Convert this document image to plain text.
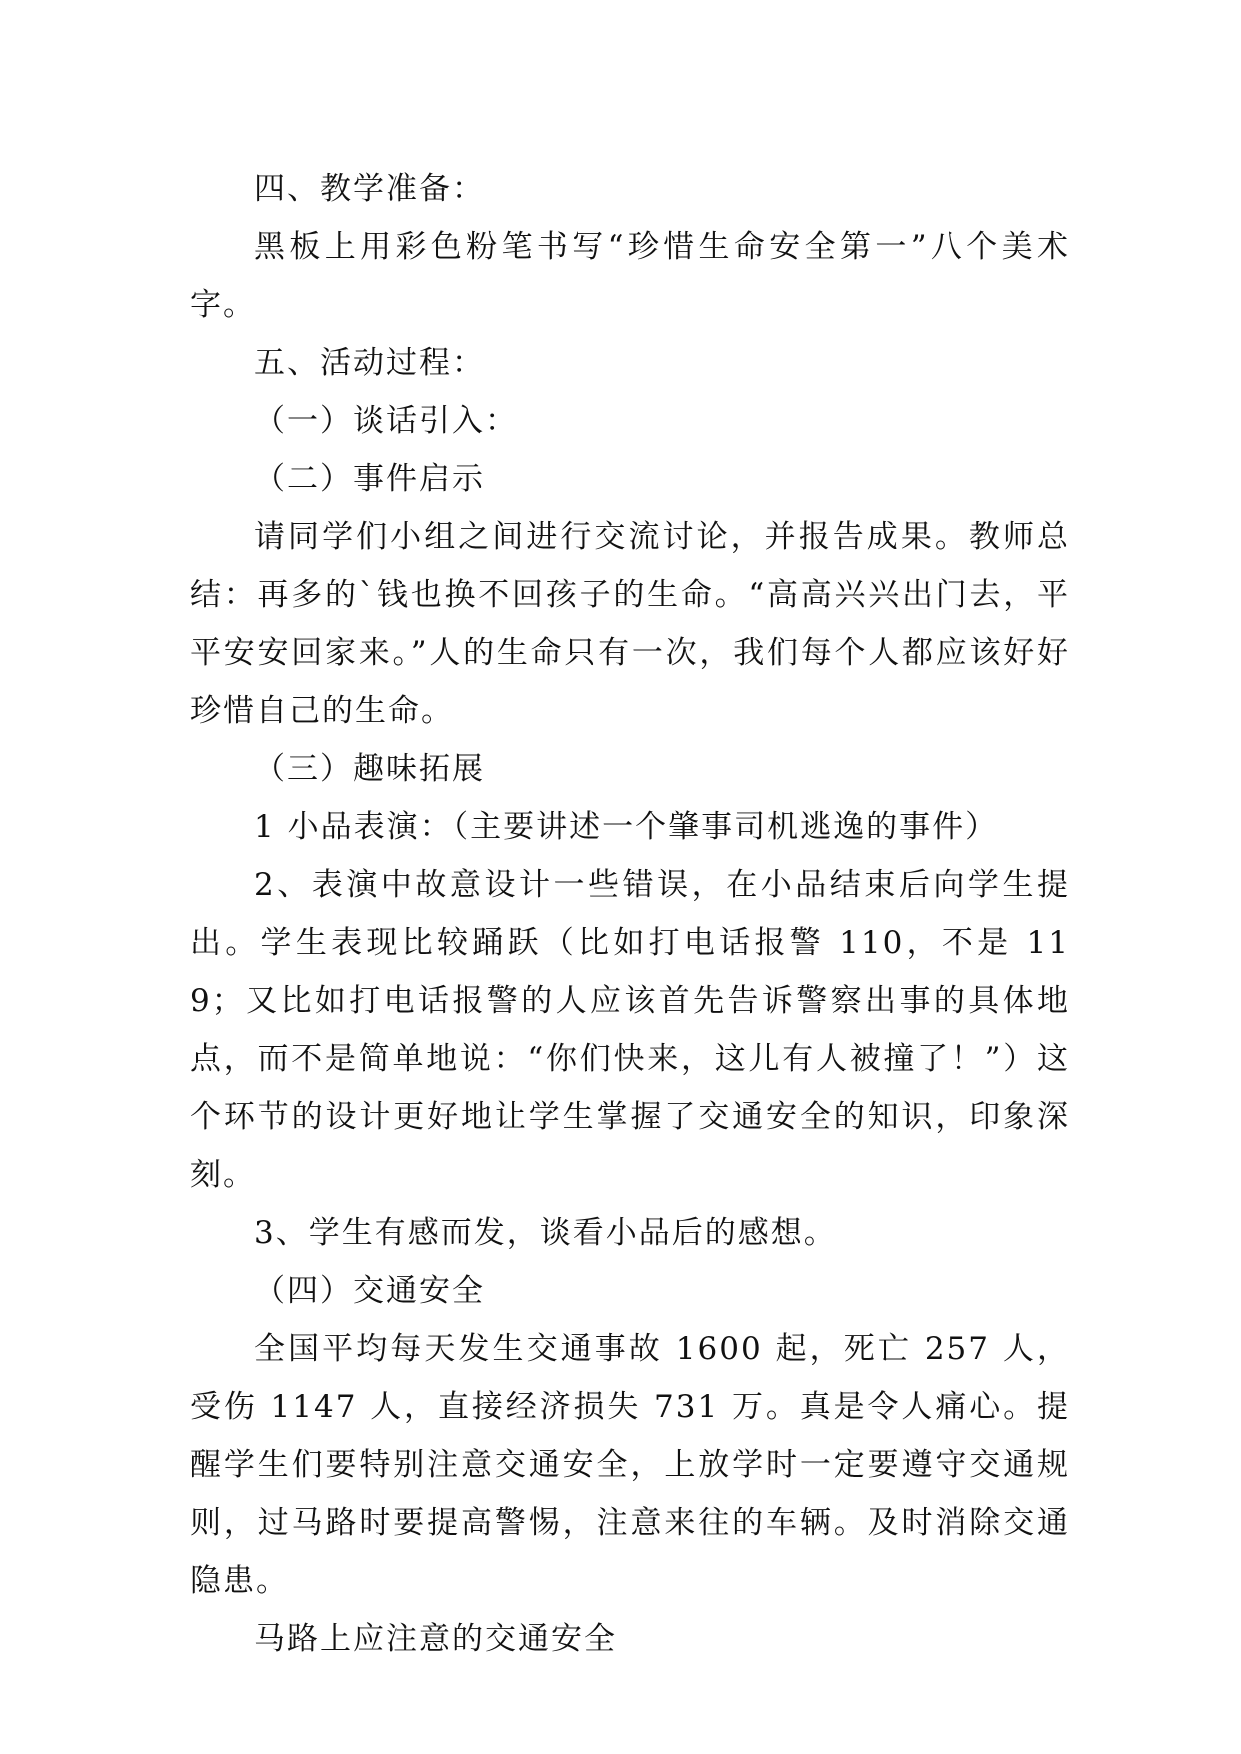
四、教学准备：

黑板上用彩色粉笔书写“珍惜生命安全第一”八个美术字。

五、活动过程：

（一）谈话引入：

（二）事件启示

请同学们小组之间进行交流讨论，并报告成果。教师总结：再多的`钱也换不回孩子的生命。“高高兴兴出门去，平平安安回家来。”人的生命只有一次，我们每个人都应该好好珍惜自己的生命。

（三）趣味拓展

1 小品表演：（主要讲述一个肇事司机逃逸的事件）

2、表演中故意设计一些错误，在小品结束后向学生提出。学生表现比较踊跃（比如打电话报警 110，不是 119；又比如打电话报警的人应该首先告诉警察出事的具体地点，而不是简单地说：“你们快来，这儿有人被撞了！”）这个环节的设计更好地让学生掌握了交通安全的知识，印象深刻。

3、学生有感而发，谈看小品后的感想。

（四）交通安全

全国平均每天发生交通事故 1600 起，死亡 257 人，受伤 1147 人，直接经济损失 731 万。真是令人痛心。提醒学生们要特别注意交通安全，上放学时一定要遵守交通规则，过马路时要提高警惕，注意来往的车辆。及时消除交通隐患。

马路上应注意的交通安全
